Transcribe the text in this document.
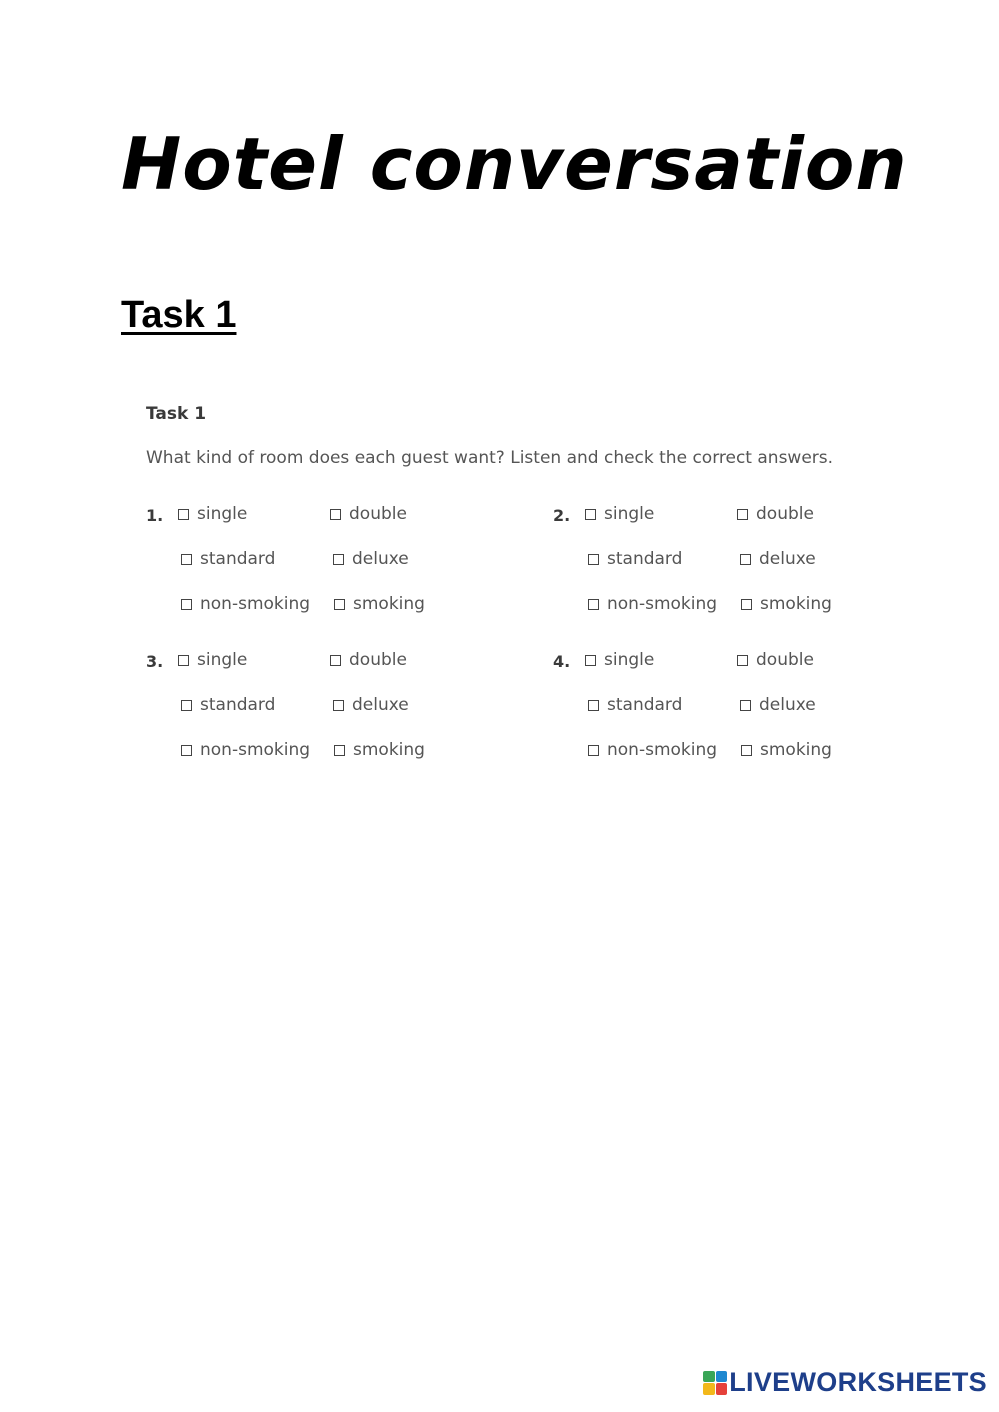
Hotel conversation
Task 1
Task 1
What kind of room does each guest want? Listen and check the correct answers.
1. single	double
standard	deluxe
non-smoking	smoking
2. single	double
standard	deluxe
non-smoking	smoking
3. single	double
standard	deluxe
non-smoking	smoking
4. single	double
standard	deluxe
non-smoking	smoking
LIVEWORKSHEETS
